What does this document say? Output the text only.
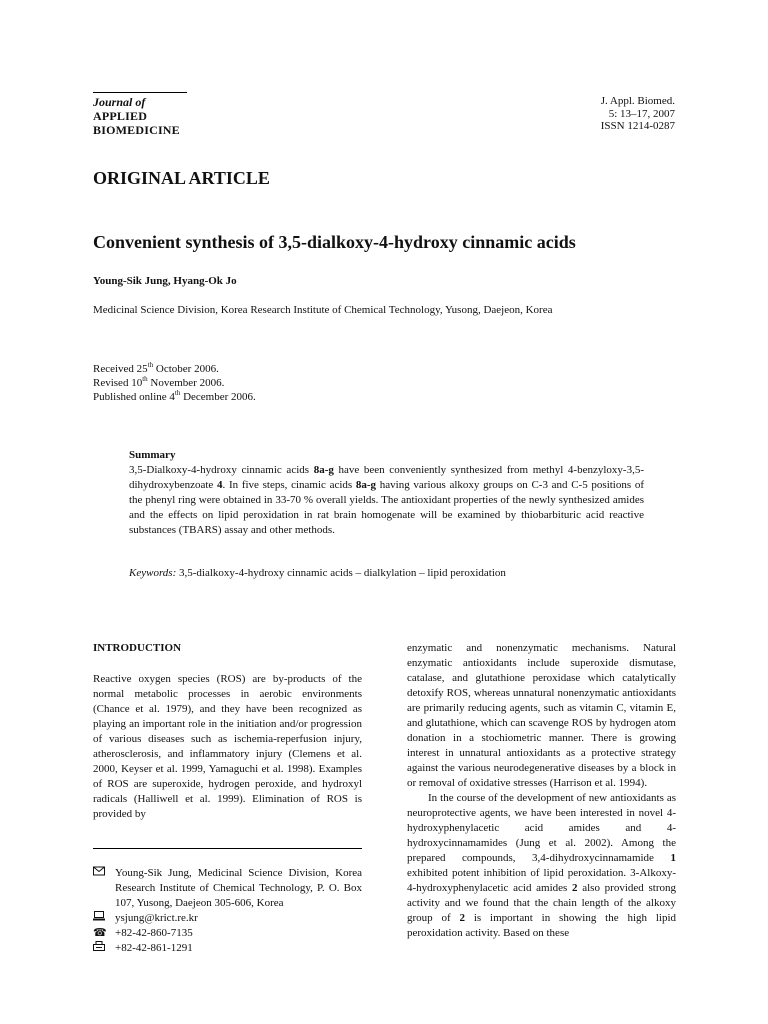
Journal of
APPLIED
BIOMEDICINE
J. Appl. Biomed.
5: 13–17, 2007
ISSN 1214-0287
ORIGINAL ARTICLE
Convenient synthesis of 3,5-dialkoxy-4-hydroxy cinnamic acids
Young-Sik Jung, Hyang-Ok Jo
Medicinal Science Division, Korea Research Institute of Chemical Technology, Yusong, Daejeon, Korea
Received 25th October 2006.
Revised 10th November 2006.
Published online 4th December 2006.
Summary

3,5-Dialkoxy-4-hydroxy cinnamic acids 8a-g have been conveniently synthesized from methyl 4-benzyloxy-3,5-dihydroxybenzoate 4. In five steps, cinamic acids 8a-g having various alkoxy groups on C-3 and C-5 positions of the phenyl ring were obtained in 33-70 % overall yields. The antioxidant properties of the newly synthesized amides and the effects on lipid peroxidation in rat brain homogenate will be examined by thiobarbituric acid reactive substances (TBARS) assay and other methods.

Keywords: 3,5-dialkoxy-4-hydroxy cinnamic acids – dialkylation – lipid peroxidation

INTRODUCTION

Reactive oxygen species (ROS) are by-products of the normal metabolic processes in aerobic environments (Chance et al. 1979), and they have been recognized as playing an important role in the initiation and/or progression of various diseases such as ischemia-reperfusion injury, atherosclerosis, and inflammatory injury (Clemens et al. 2000, Keyser et al. 1999, Yamaguchi et al. 1998). Examples of ROS are superoxide, hydrogen peroxide, and hydroxyl radicals (Halliwell et al. 1999). Elimination of ROS is provided by

enzymatic and nonenzymatic mechanisms. Natural enzymatic antioxidants include superoxide dismutase, catalase, and glutathione peroxidase which catalytically detoxify ROS, whereas unnatural nonenzymatic antioxidants are primarily reducing agents, such as vitamin C, vitamin E, and glutathione, which can scavenge ROS by hydrogen atom donation in a stochiometric manner. There is growing interest in unnatural antioxidants as a protective strategy against the various neurodegenerative diseases by a block in or removal of oxidative stresses (Harrison et al. 1994).

In the course of the development of new antioxidants as neuroprotective agents, we have been interested in novel 4-hydroxyphenylacetic acid amides and 4-hydroxycinnamamides (Jung et al. 2002). Among the prepared compounds, 3,4-dihydroxycinnamamide 1 exhibited potent inhibition of lipid peroxidation. 3-Alkoxy-4-hydroxyphenylacetic acid amides 2 also provided strong activity and we found that the chain length of the alkoxy group of 2 is important in showing the high lipid peroxidation activity. Based on these

Young-Sik Jung, Medicinal Science Division, Korea Research Institute of Chemical Technology, P. O. Box 107, Yusong, Daejeon 305-606, Korea
ysjung@krict.re.kr
☎ +82-42-860-7135
+82-42-861-1291
